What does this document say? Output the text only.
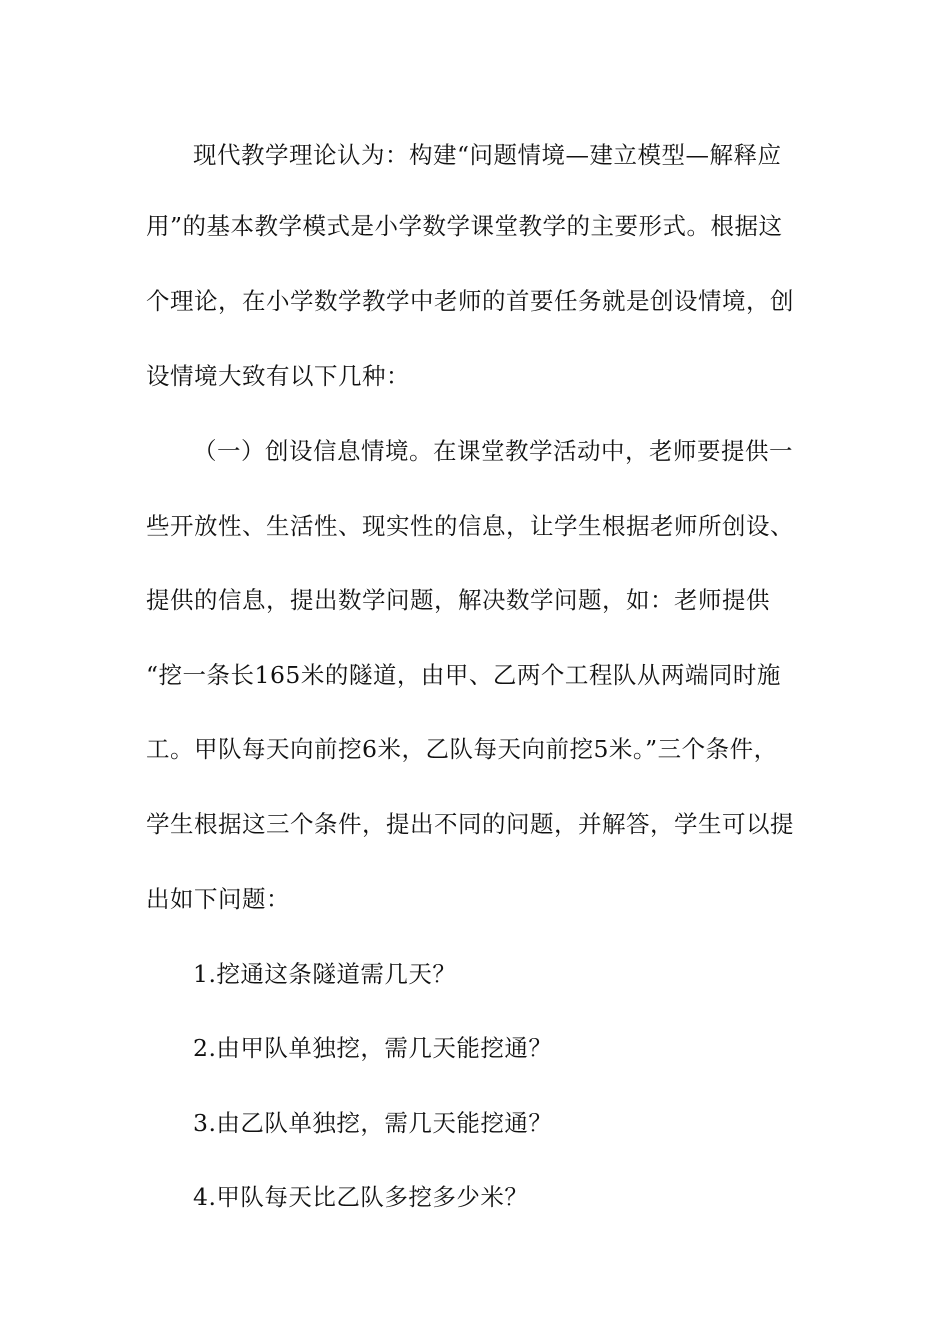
现代教学理论认为：构建“问题情境—建立模型—解释应
用”的基本教学模式是小学数学课堂教学的主要形式。根据这
个理论，在小学数学教学中老师的首要任务就是创设情境，创
设情境大致有以下几种：
（一）创设信息情境。在课堂教学活动中，老师要提供一
些开放性、生活性、现实性的信息，让学生根据老师所创设、
提供的信息，提出数学问题，解决数学问题，如：老师提供
“挖一条长165米的隧道，由甲、乙两个工程队从两端同时施
工。甲队每天向前挖6米，乙队每天向前挖5米。”三个条件，
学生根据这三个条件，提出不同的问题，并解答，学生可以提
出如下问题：
1.挖通这条隧道需几天？
2.由甲队单独挖，需几天能挖通？
3.由乙队单独挖，需几天能挖通？
4.甲队每天比乙队多挖多少米？
